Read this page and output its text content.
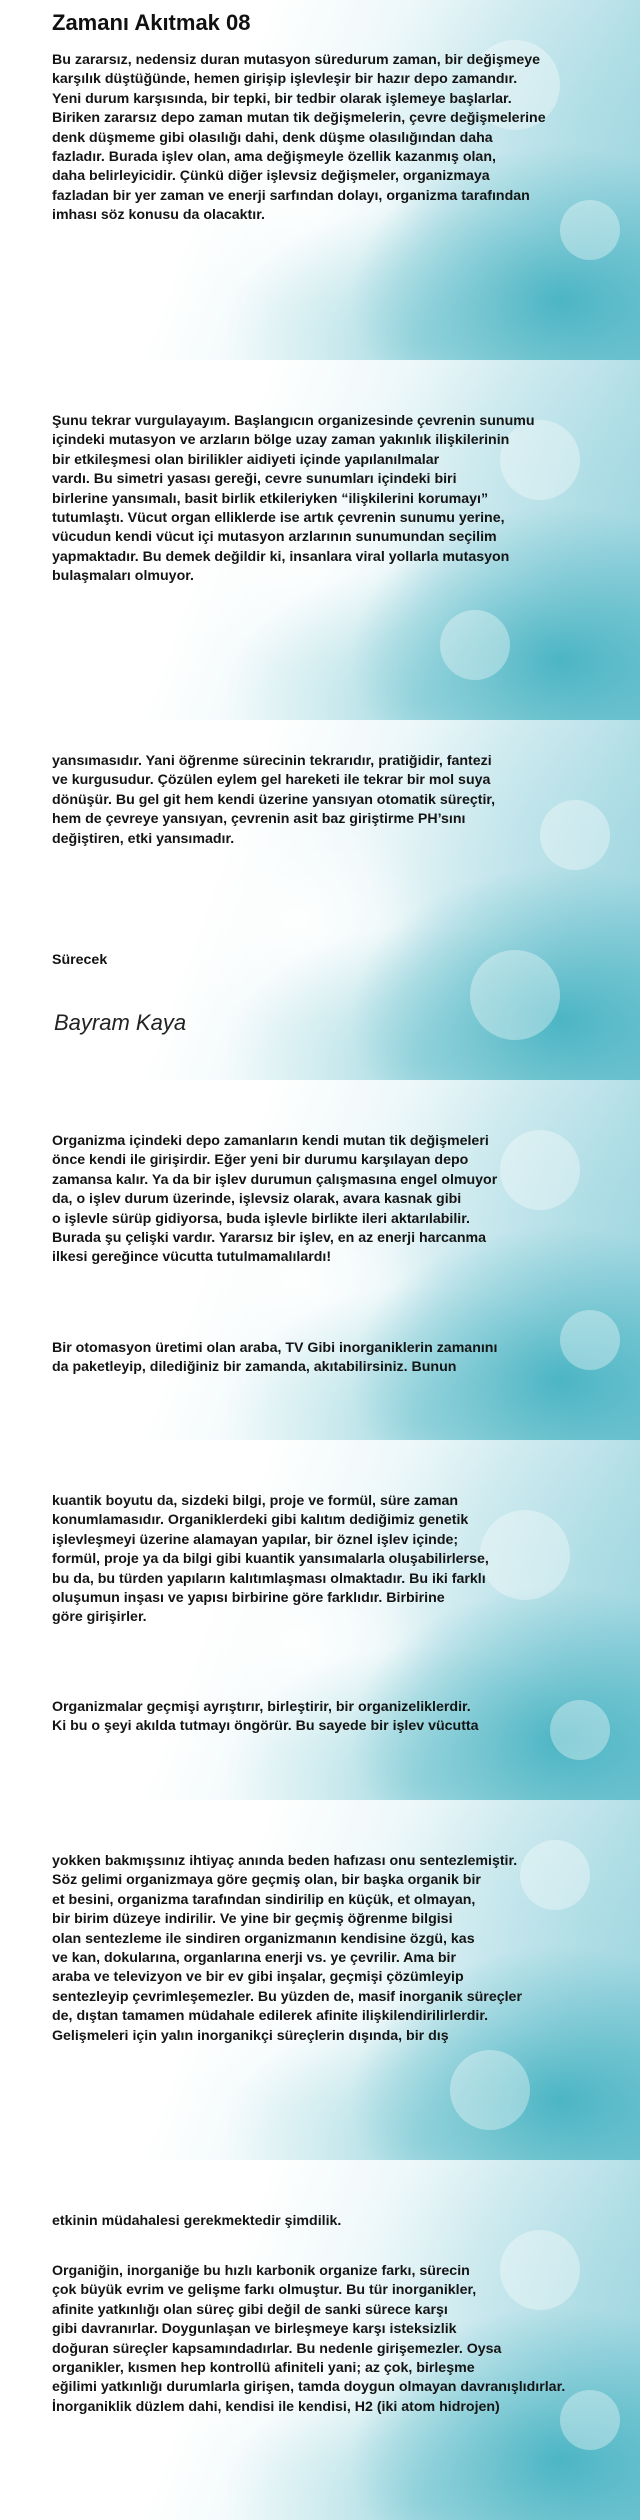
Zamanı Akıtmak 08

Bu zararsız, nedensiz duran mutasyon süredurum zaman, bir değişmeye
karşılık düştüğünde, hemen girişip işlevleşir bir hazır depo zamandır.
Yeni durum karşısında, bir tepki, bir tedbir olarak işlemeye başlarlar.
Biriken zararsız depo zaman mutan tik değişmelerin, çevre değişmelerine
denk düşmeme gibi olasılığı dahi, denk düşme olasılığından daha
fazladır. Burada işlev olan, ama değişmeyle özellik kazanmış olan,
daha belirleyicidir. Çünkü diğer işlevsiz değişmeler, organizmaya
fazladan bir yer zaman ve enerji sarfından dolayı, organizma tarafından
imhası söz konusu da olacaktır.

Şunu tekrar vurgulayayım. Başlangıcın organizesinde çevrenin sunumu
içindeki mutasyon ve arzların bölge uzay zaman yakınlık ilişkilerinin
bir etkileşmesi olan birilikler aidiyeti içinde yapılanılmalar
vardı. Bu simetri yasası gereği, cevre sunumları içindeki biri
birlerine yansımalı, basit birlik etkileriyken “ilişkilerini korumayı”
tutumlaştı. Vücut organ elliklerde ise artık çevrenin sunumu yerine,
vücudun kendi vücut içi mutasyon arzlarının sunumundan seçilim
yapmaktadır. Bu demek değildir ki, insanlara viral yollarla mutasyon
bulaşmaları olmuyor.

yansımasıdır. Yani öğrenme sürecinin tekrarıdır, pratiğidir, fantezi
ve kurgusudur. Çözülen eylem gel hareketi ile tekrar bir mol suya
dönüşür. Bu gel git hem kendi üzerine yansıyan otomatik süreçtir,
hem de çevreye yansıyan, çevrenin asit baz giriştirme PH’sını
değiştiren, etki yansımadır.

Sürecek

Bayram Kaya

Organizma içindeki depo zamanların kendi mutan tik değişmeleri
önce kendi ile girişirdir. Eğer yeni bir durumu karşılayan depo
zamansa kalır. Ya da bir işlev durumun çalışmasına engel olmuyor
da, o işlev durum üzerinde, işlevsiz olarak, avara kasnak gibi
o işlevle sürüp gidiyorsa, buda işlevle birlikte ileri aktarılabilir.
Burada şu çelişki vardır. Yararsız bir işlev, en az enerji harcanma
ilkesi gereğince vücutta tutulmamalılardı!

Bir otomasyon üretimi olan araba, TV Gibi inorganiklerin zamanını
da paketleyip, dilediğiniz bir zamanda, akıtabilirsiniz. Bunun

kuantik boyutu da, sizdeki bilgi, proje ve formül, süre zaman
konumlamasıdır. Organiklerdeki gibi kalıtım dediğimiz genetik
işlevleşmeyi üzerine alamayan yapılar, bir öznel işlev içinde;
formül, proje ya da bilgi gibi kuantik yansımalarla oluşabilirlerse,
bu da, bu türden yapıların kalıtımlaşması olmaktadır. Bu iki farklı
oluşumun inşası ve yapısı birbirine göre farklıdır. Birbirine
göre girişirler.

Organizmalar geçmişi ayrıştırır, birleştirir, bir organizeliklerdir.
Ki bu o şeyi akılda tutmayı öngörür. Bu sayede bir işlev vücutta

yokken bakmışsınız ihtiyaç anında beden hafızası onu sentezlemiştir.
Söz gelimi organizmaya göre geçmiş olan, bir başka organik bir
et besini, organizma tarafından sindirilip en küçük, et olmayan,
bir birim düzeye indirilir. Ve yine bir geçmiş öğrenme bilgisi
olan sentezleme ile sindiren organizmanın kendisine özgü, kas
ve kan, dokularına, organlarına enerji vs. ye çevrilir. Ama bir
araba ve televizyon ve bir ev gibi inşalar, geçmişi çözümleyip
sentezleyip çevrimleşemezler. Bu yüzden de, masif inorganik süreçler
de, dıştan tamamen müdahale edilerek afinite ilişkilendirilirlerdir.
Gelişmeleri için yalın inorganikçi süreçlerin dışında, bir dış

etkinin müdahalesi gerekmektedir şimdilik.

Organiğin, inorganiğe bu hızlı karbonik organize farkı, sürecin
çok büyük evrim ve gelişme farkı olmuştur. Bu tür inorganikler,
afinite yatkınlığı olan süreç gibi değil de sanki sürece karşı
gibi davranırlar. Doygunlaşan ve birleşmeye karşı isteksizlik
doğuran süreçler kapsamındadırlar. Bu nedenle girişemezler. Oysa
organikler, kısmen hep kontrollü afiniteli yani; az çok, birleşme
eğilimi yatkınlığı durumlarla girişen, tamda doygun olmayan davranışlıdırlar.
İnorganiklik düzlem dahi, kendisi ile kendisi, H2 (iki atom hidrojen)
